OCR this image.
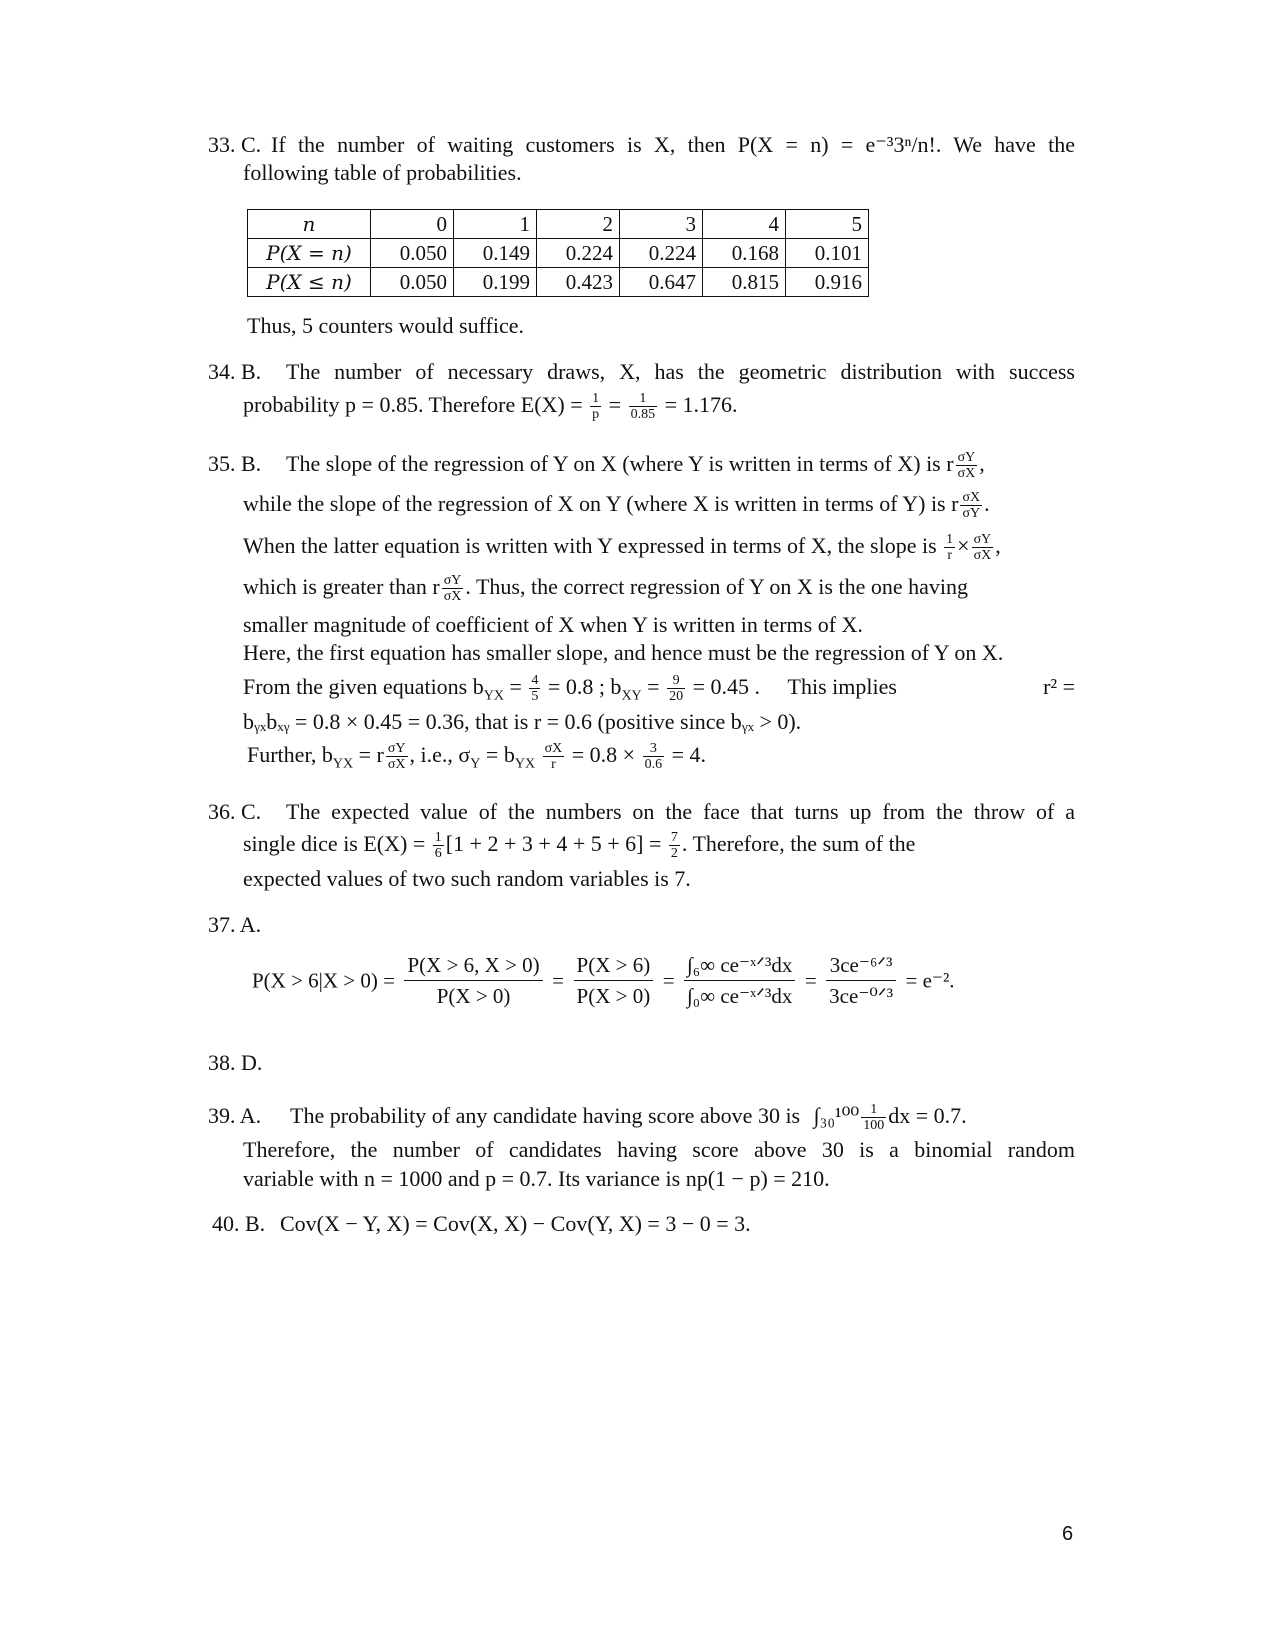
33. C. If the number of waiting customers is X, then P(X = n) = e⁻³3ⁿ/n!. We have the
following table of probabilities.
n	0	1	2	3	4	5
P(X = n)	0.050	0.149	0.224	0.224	0.168	0.101
P(X ≤ n)	0.050	0.199	0.423	0.647	0.815	0.916
Thus, 5 counters would suffice.
34. B. The number of necessary draws, X, has the geometric distribution with success
probability p = 0.85. Therefore $E(X) = \frac{1}{p} = \frac{1}{0.85} = 1.176$.
35. B. The slope of the regression of Y on X (where Y is written in terms of X) is r $\frac{\sigma Y}{\sigma X}$ ,
while the slope of the regression of X on Y (where X is written in terms of Y) is r $\frac{\sigma X}{\sigma Y}$ .
When the latter equation is written with Y expressed in terms of X, the slope is $\frac{1}{r} \times \frac{\sigma Y}{\sigma X}$ ,
which is greater than r $\frac{\sigma Y}{\sigma X}$ . Thus, the correct regression of Y on X is the one having
smaller magnitude of coefficient of X when Y is written in terms of X.
Here, the first equation has smaller slope, and hence must be the regression of Y on X.
From the given equations $b_{YX} = \frac{4}{5} = 0.8$ ; $b_{XY} = \frac{9}{20} = 0.45$ . This implies	r² =
bᵧₓbₓᵧ = 0.8 × 0.45 = 0.36, that is r = 0.6 (positive since bᵧₓ > 0).
Further, $b_{YX} = r \frac{\sigma Y}{\sigma X}$ , i.e., $\sigma_Y = b_{YX} \frac{\sigma X}{r} = 0.8 \times \frac{3}{0.6} = 4$.
36. C. The expected value of the numbers on the face that turns up from the throw of a
single dice is $E(X) = \frac{1}{6} [1 + 2 + 3 + 4 + 5 + 6] = \frac{7}{2}$ . Therefore, the sum of the
expected values of two such random variables is 7.
37. A.
$P(X > 6|X > 0) = \frac{P(X > 6, X > 0)}{P(X > 0)} = \frac{P(X > 6)}{P(X > 0)}$ =
∫₆∞ ce⁻ˣᐟ³dx
∫₀∞ ce⁻ˣᐟ³dx
=
3ce⁻⁶ᐟ³
3ce⁻⁰ᐟ³
= e⁻².
38. D.
39. A. The probability of any candidate having score above 30 is $\int_{30}^{100} \frac{1}{100}$ dx = 0.7.
Therefore, the number of candidates having score above 30 is a binomial random
variable with n = 1000 and p = 0.7. Its variance is np(1 − p) = 210.
40. B. Cov(X − Y, X) = Cov(X, X) − Cov(Y, X) = 3 − 0 = 3.
6
